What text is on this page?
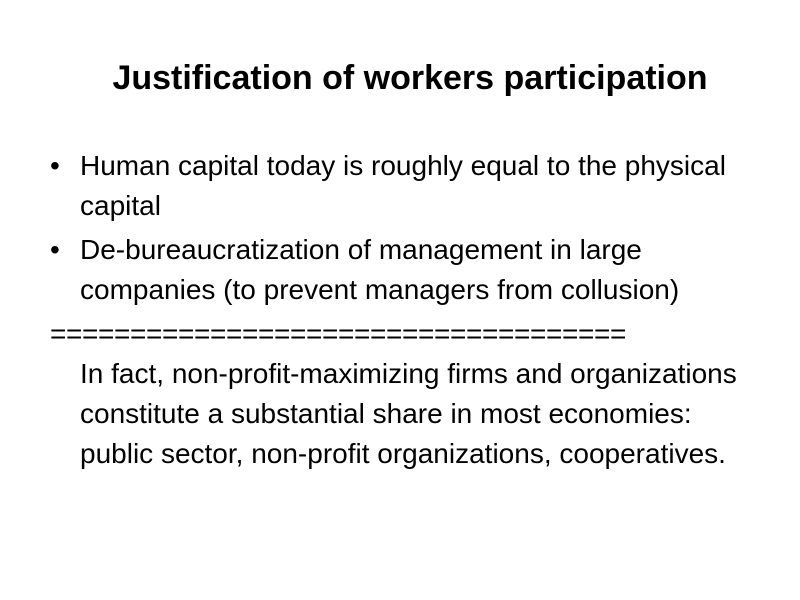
Justification of workers participation
• Human capital today is roughly equal to the physical capital
• De-bureaucratization of management in large companies (to prevent managers from collusion)
====================================
In fact, non-profit-maximizing firms and organizations constitute a substantial share in most economies: public sector, non-profit organizations, cooperatives.
